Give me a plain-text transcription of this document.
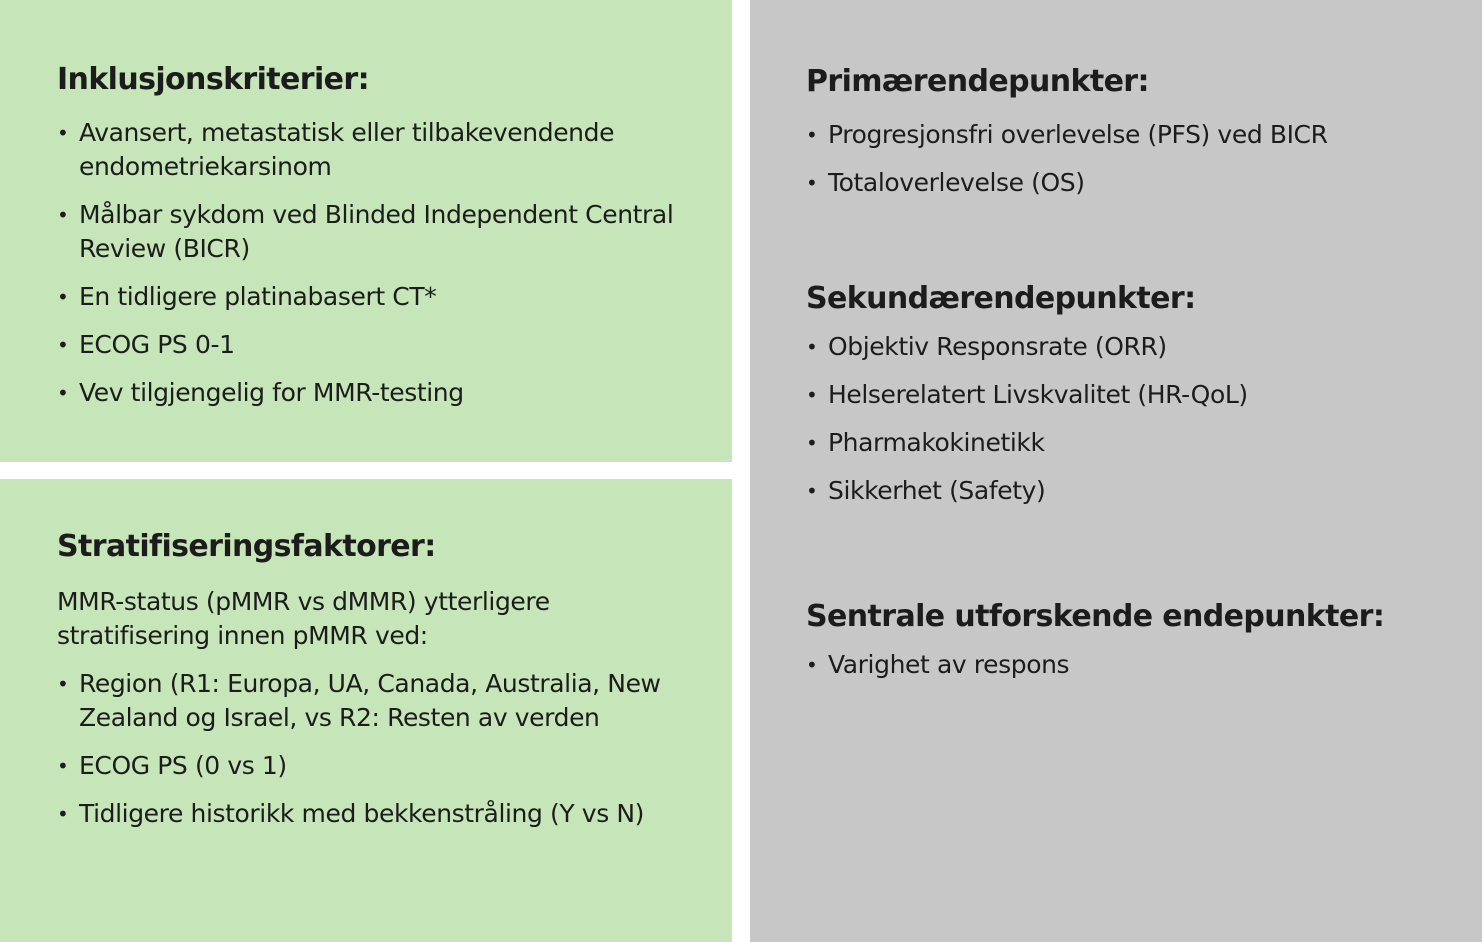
Inklusjonskriterier:
• Avansert, metastatisk eller tilbakevendende endometriekarsinom
• Målbar sykdom ved Blinded Independent Central Review (BICR)
• En tidligere platinabasert CT*
• ECOG PS 0-1
• Vev tilgjengelig for MMR-testing
Stratifiseringsfaktorer:

MMR-status (pMMR vs dMMR) ytterligere stratifisering innen pMMR ved:

• Region (R1: Europa, UA, Canada, Australia, New Zealand og Israel, vs R2: Resten av verden
• ECOG PS (0 vs 1)
• Tidligere historikk med bekkenstråling (Y vs N)
Primærendepunkter:
• Progresjonsfri overlevelse (PFS) ved BICR
• Totaloverlevelse (OS)
Sekundærendepunkter:
• Objektiv Responsrate (ORR)
• Helserelatert Livskvalitet (HR-QoL)
• Pharmakokinetikk
• Sikkerhet (Safety)
Sentrale utforskende endepunkter:
• Varighet av respons
